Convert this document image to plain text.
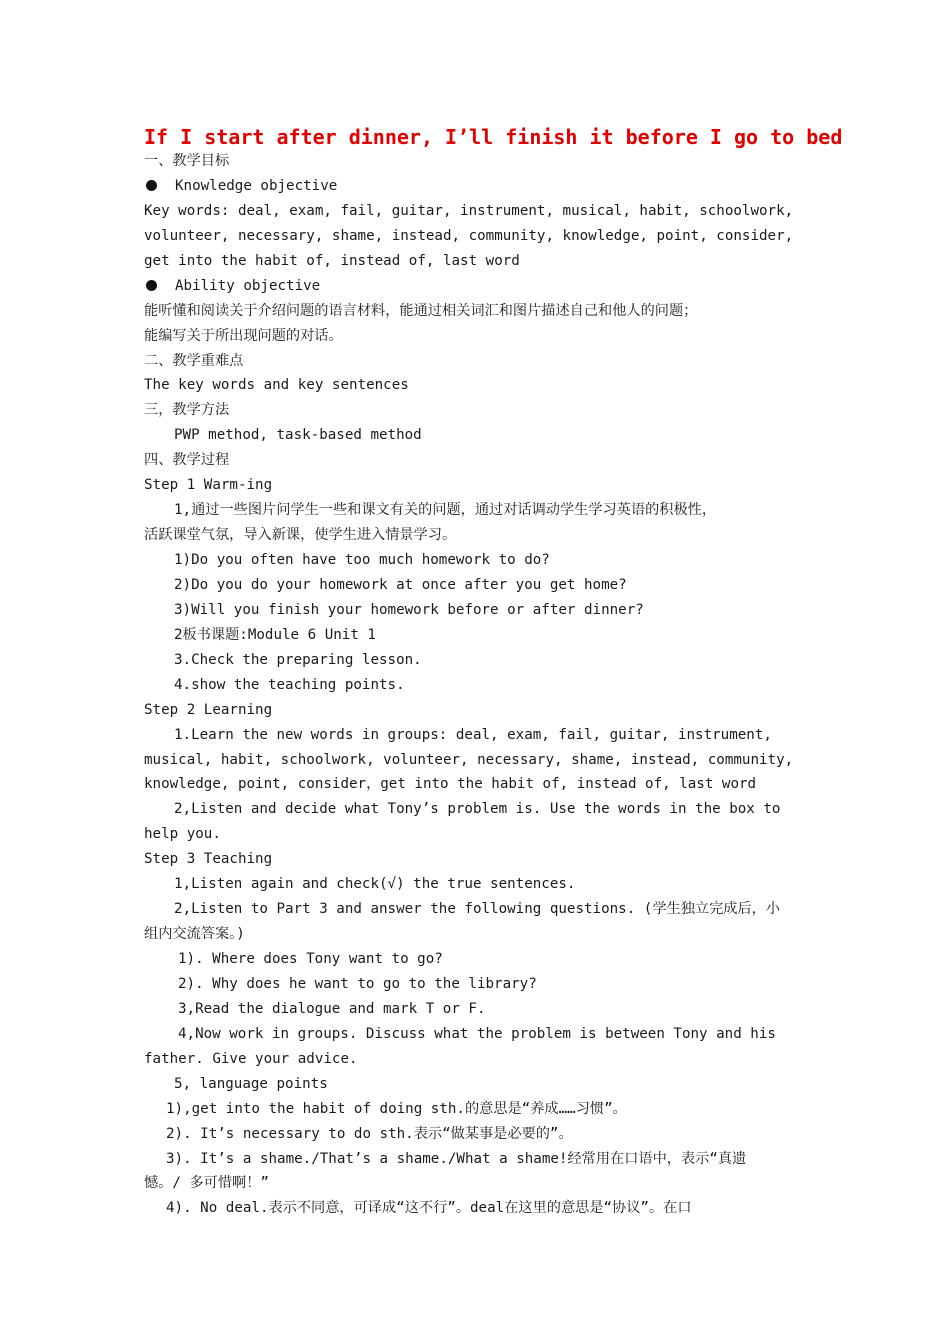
If I start after dinner, I’ll finish it before I go to bed
一、教学目标
Knowledge objective
Key words: deal, exam, fail, guitar, instrument, musical, habit, schoolwork,
volunteer, necessary, shame, instead, community, knowledge, point, consider,
get into the habit of, instead of, last word
Ability objective
能听懂和阅读关于介绍问题的语言材料，能通过相关词汇和图片描述自己和他人的问题；
能编写关于所出现问题的对话。
二、教学重难点
The key words and key sentences
三，教学方法
PWP method, task-based method
四、教学过程
Step 1 Warm-ing
1,通过一些图片问学生一些和课文有关的问题，通过对话调动学生学习英语的积极性，
活跃课堂气氛，导入新课，使学生进入情景学习。
1)Do you often have too much homework to do?
2)Do you do your homework at once after you get home?
3)Will you finish your homework before or after dinner?
2板书课题:Module 6 Unit 1
3.Check the preparing lesson.
4.show the teaching points.
Step 2 Learning
1.Learn the new words in groups: deal, exam, fail, guitar, instrument,
musical, habit, schoolwork, volunteer, necessary, shame, instead, community,
knowledge, point, consider，get into the habit of, instead of, last word
2,Listen and decide what Tony’s problem is. Use the words in the box to
help you.
Step 3 Teaching
1,Listen again and check(√) the true sentences.
2,Listen to Part 3 and answer the following questions. (学生独立完成后，小
组内交流答案。)
1). Where does Tony want to go?
2). Why does he want to go to the library?
3,Read the dialogue and mark T or F.
4,Now work in groups. Discuss what the problem is between Tony and his
father. Give your advice.
5, language points
1),get into the habit of doing sth.的意思是“养成……习惯”。
2). It’s necessary to do sth.表示“做某事是必要的”。
3). It’s a shame./That’s a shame./What a shame!经常用在口语中，表示“真遗
憾。/ 多可惜啊！”
4). No deal.表示不同意，可译成“这不行”。deal在这里的意思是“协议”。在口
